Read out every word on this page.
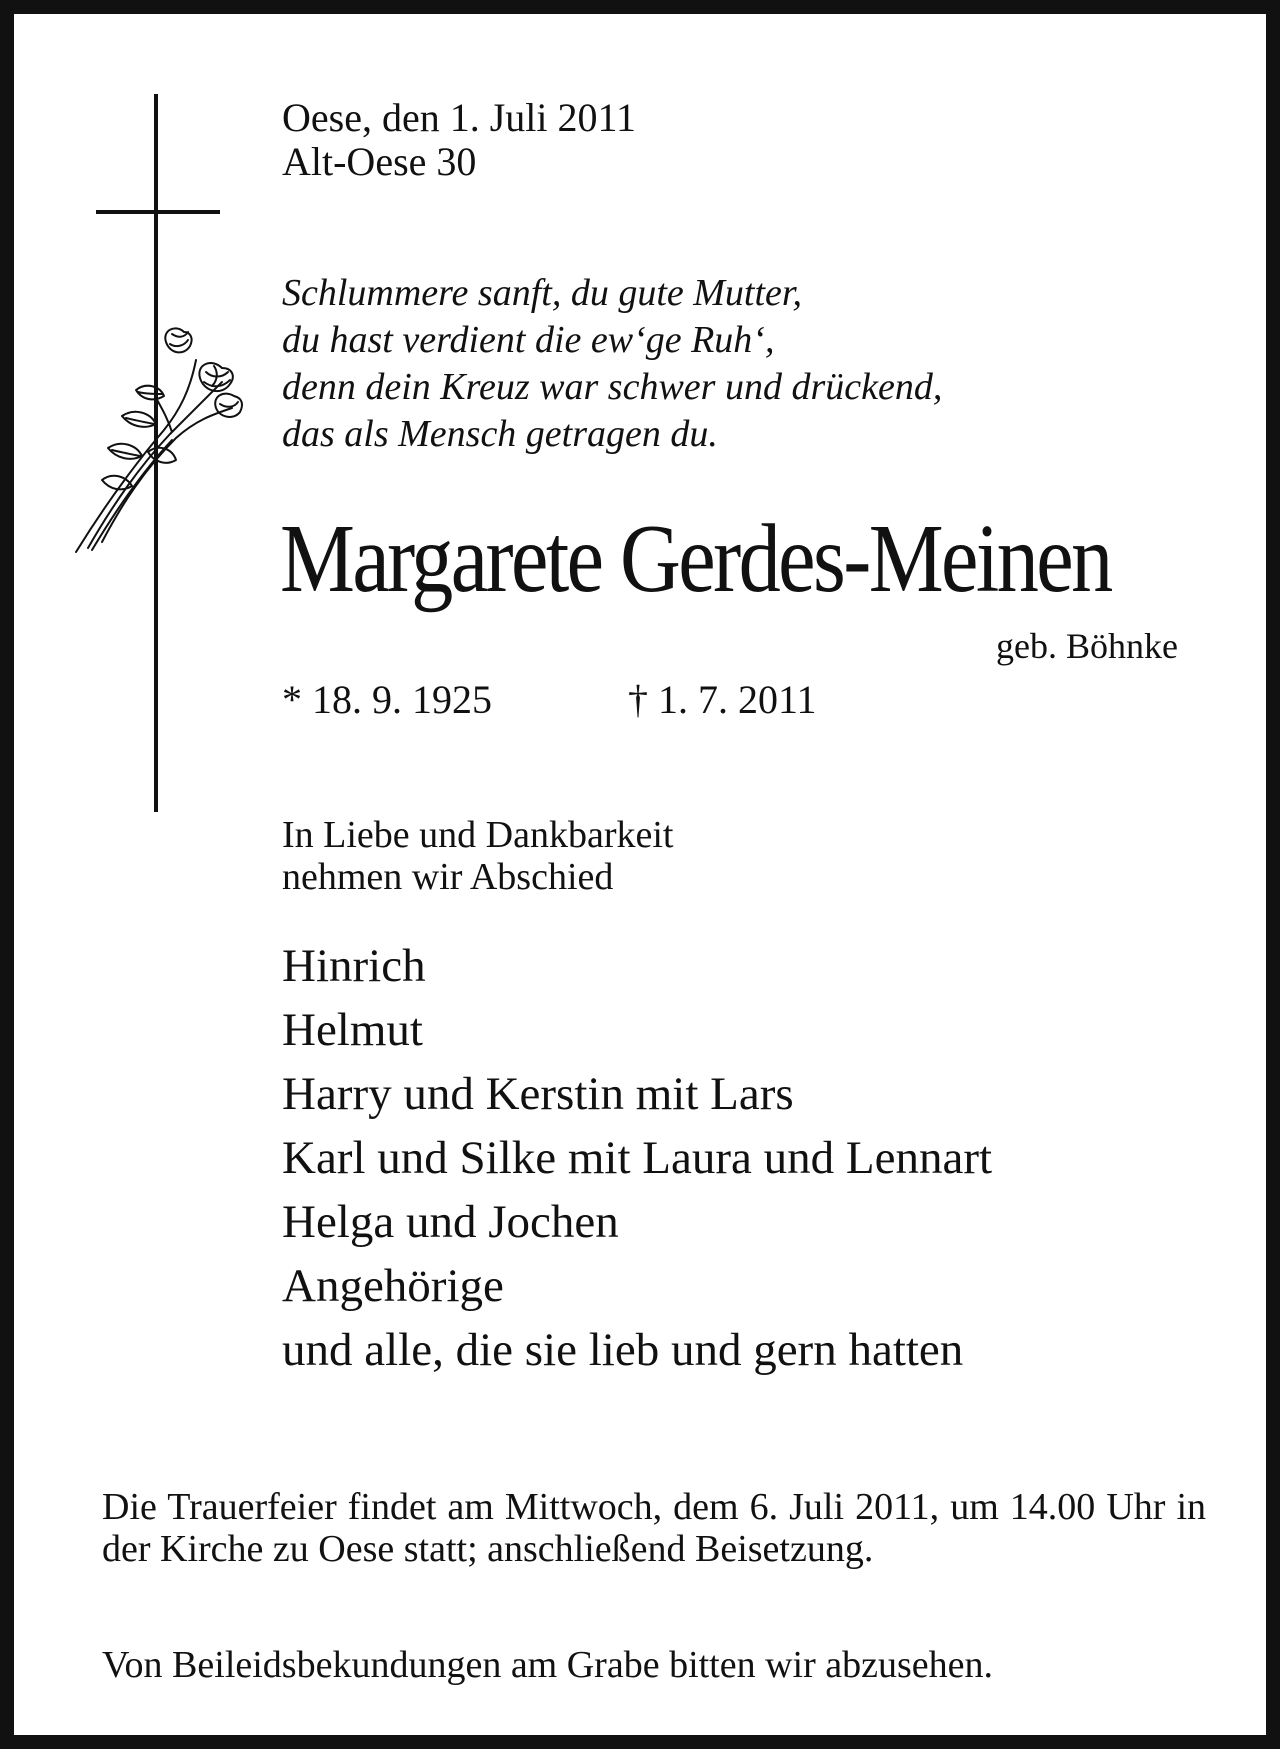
Oese, den 1. Juli 2011
Alt-Oese 30
Schlummere sanft, du gute Mutter,
du hast verdient die ew‘ge Ruh‘,
denn dein Kreuz war schwer und drückend,
das als Mensch getragen du.
Margarete Gerdes-Meinen
geb. Böhnke
* 18. 9. 1925	† 1. 7. 2011
In Liebe und Dankbarkeit
nehmen wir Abschied
Hinrich
Helmut
Harry und Kerstin mit Lars
Karl und Silke mit Laura und Lennart
Helga und Jochen
Angehörige
und alle, die sie lieb und gern hatten

Die Trauerfeier findet am Mittwoch, dem 6. Juli 2011, um 14.00 Uhr in der Kirche zu Oese statt; anschließend Beisetzung.

Von Beileidsbekundungen am Grabe bitten wir abzusehen.
